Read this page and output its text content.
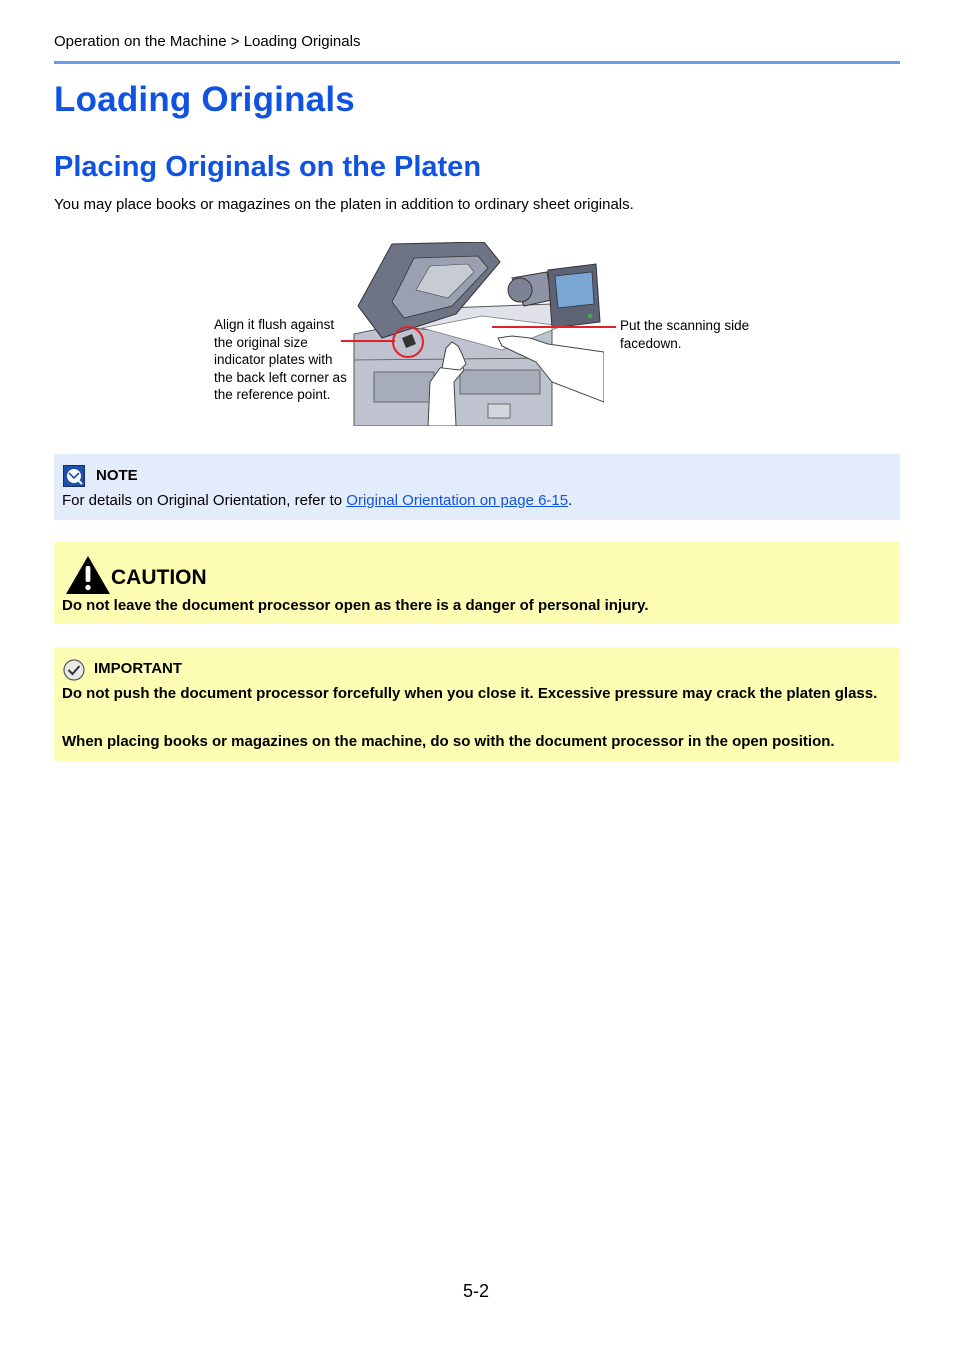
Operation on the Machine > Loading Originals
Loading Originals
Placing Originals on the Platen
You may place books or magazines on the platen in addition to ordinary sheet originals.
Align it flush against the original size indicator plates with the back left corner as the reference point.
Put the scanning side facedown.
NOTE
For details on Original Orientation, refer to Original Orientation on page 6-15.
CAUTION
Do not leave the document processor open as there is a danger of personal injury.
IMPORTANT
Do not push the document processor forcefully when you close it. Excessive pressure may crack the platen glass.
When placing books or magazines on the machine, do so with the document processor in the open position.
5-2
